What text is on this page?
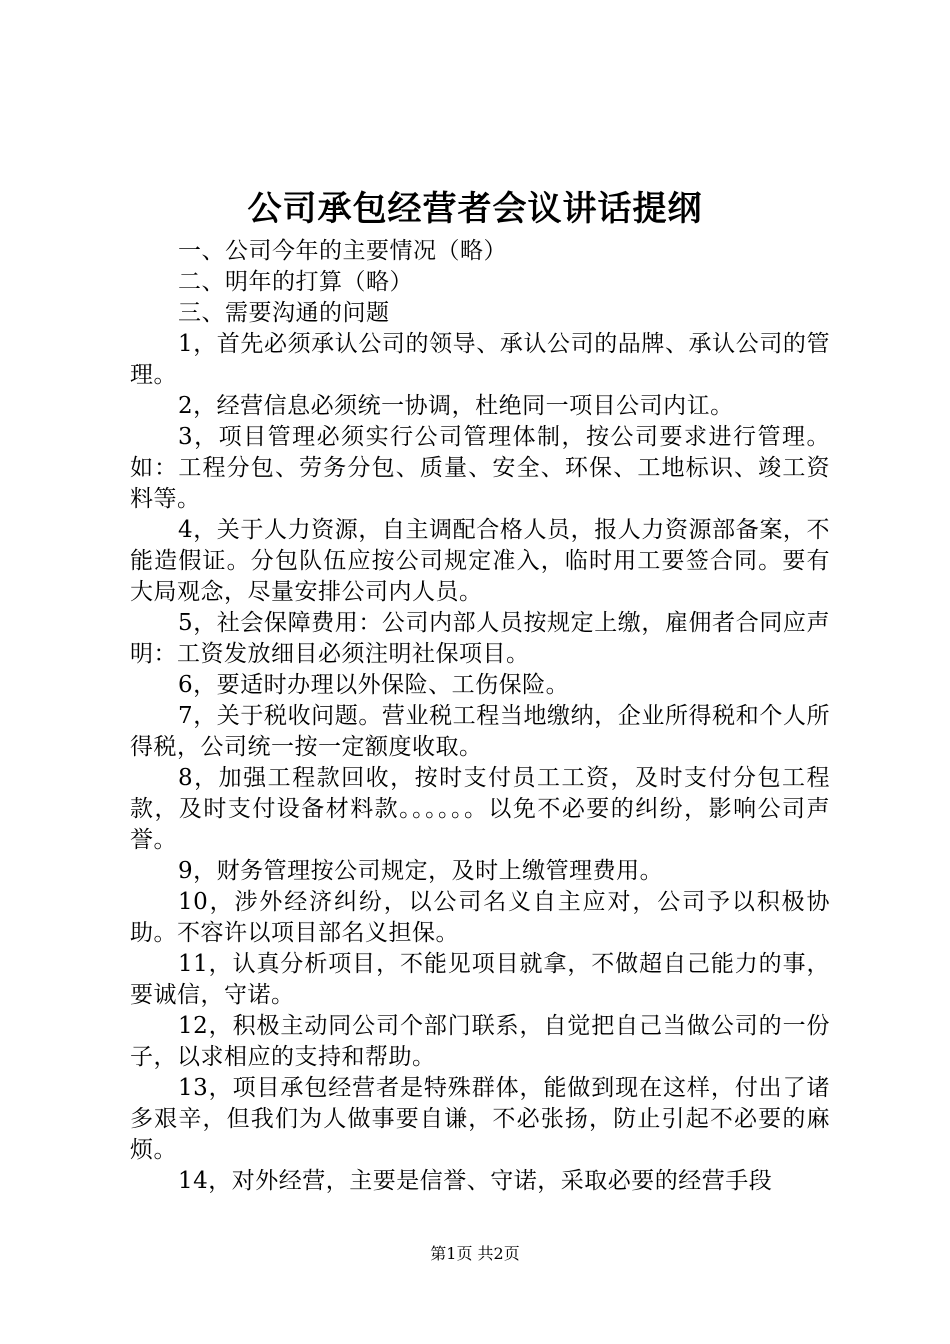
公司承包经营者会议讲话提纲

一、公司今年的主要情况（略）

二、明年的打算（略）

三、需要沟通的问题

1，首先必须承认公司的领导、承认公司的品牌、承认公司的管理。

2，经营信息必须统一协调，杜绝同一项目公司内讧。

3，项目管理必须实行公司管理体制，按公司要求进行管理。如：工程分包、劳务分包、质量、安全、环保、工地标识、竣工资料等。

4，关于人力资源，自主调配合格人员，报人力资源部备案，不能造假证。分包队伍应按公司规定准入，临时用工要签合同。要有大局观念，尽量安排公司内人员。

5，社会保障费用：公司内部人员按规定上缴，雇佣者合同应声明：工资发放细目必须注明社保项目。

6，要适时办理以外保险、工伤保险。

7，关于税收问题。营业税工程当地缴纳，企业所得税和个人所得税，公司统一按一定额度收取。

8，加强工程款回收，按时支付员工工资，及时支付分包工程款，及时支付设备材料款。。。。。。以免不必要的纠纷，影响公司声誉。

9，财务管理按公司规定，及时上缴管理费用。

10，涉外经济纠纷，以公司名义自主应对，公司予以积极协助。不容许以项目部名义担保。

11，认真分析项目，不能见项目就拿，不做超自己能力的事，要诚信，守诺。

12，积极主动同公司个部门联系，自觉把自己当做公司的一份子，以求相应的支持和帮助。

13，项目承包经营者是特殊群体，能做到现在这样，付出了诸多艰辛，但我们为人做事要自谦，不必张扬，防止引起不必要的麻烦。

14，对外经营，主要是信誉、守诺，采取必要的经营手段

第1页 共2页
